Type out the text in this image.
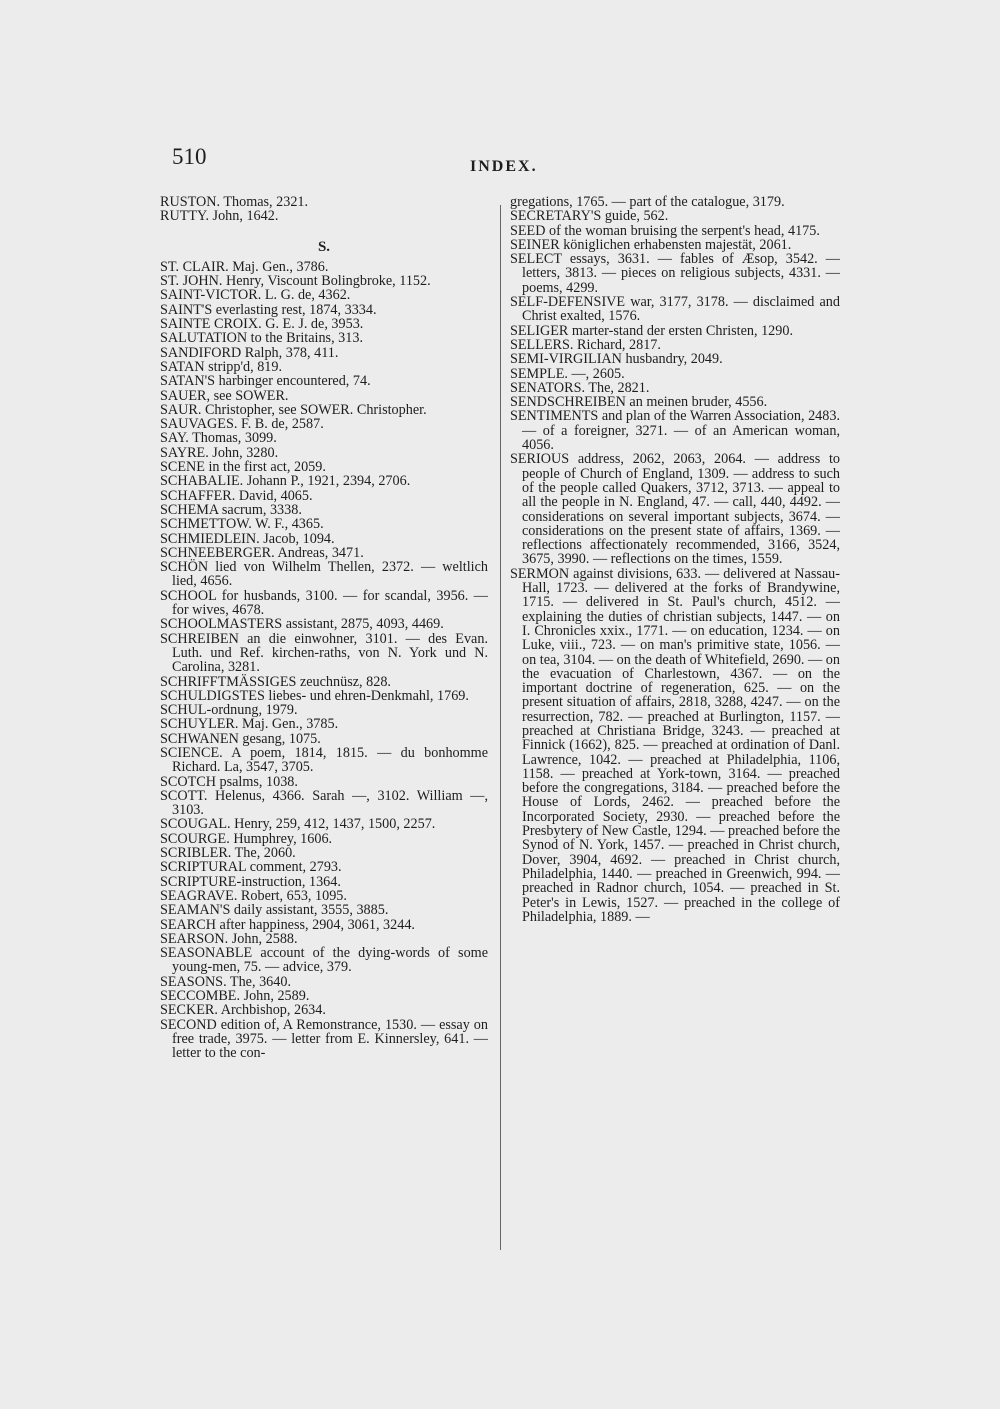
510	INDEX.

RUSTON. Thomas, 2321.

RUTTY. John, 1642.

S.

ST. CLAIR. Maj. Gen., 3786.

ST. JOHN. Henry, Viscount Bolingbroke, 1152.

SAINT-VICTOR. L. G. de, 4362.

SAINT'S everlasting rest, 1874, 3334.

SAINTE CROIX. G. E. J. de, 3953.

SALUTATION to the Britains, 313.

SANDIFORD Ralph, 378, 411.

SATAN stripp'd, 819.

SATAN'S harbinger encountered, 74.

SAUER, see SOWER.

SAUR. Christopher, see SOWER. Christopher.

SAUVAGES. F. B. de, 2587.

SAY. Thomas, 3099.

SAYRE. John, 3280.

SCENE in the first act, 2059.

SCHABALIE. Johann P., 1921, 2394, 2706.

SCHAFFER. David, 4065.

SCHEMA sacrum, 3338.

SCHMETTOW. W. F., 4365.

SCHMIEDLEIN. Jacob, 1094.

SCHNEEBERGER. Andreas, 3471.

SCHÖN lied von Wilhelm Thellen, 2372. — weltlich lied, 4656.

SCHOOL for husbands, 3100. — for scandal, 3956. — for wives, 4678.

SCHOOLMASTERS assistant, 2875, 4093, 4469.

SCHREIBEN an die einwohner, 3101. — des Evan. Luth. und Ref. kirchen-raths, von N. York und N. Carolina, 3281.

SCHRIFFTMÄSSIGES zeuchnüsz, 828.

SCHULDIGSTES liebes- und ehren-Denkmahl, 1769.

SCHUL-ordnung, 1979.

SCHUYLER. Maj. Gen., 3785.

SCHWANEN gesang, 1075.

SCIENCE. A poem, 1814, 1815. — du bonhomme Richard. La, 3547, 3705.

SCOTCH psalms, 1038.

SCOTT. Helenus, 4366. Sarah —, 3102. William —, 3103.

SCOUGAL. Henry, 259, 412, 1437, 1500, 2257.

SCOURGE. Humphrey, 1606.

SCRIBLER. The, 2060.

SCRIPTURAL comment, 2793.

SCRIPTURE-instruction, 1364.

SEAGRAVE. Robert, 653, 1095.

SEAMAN'S daily assistant, 3555, 3885.

SEARCH after happiness, 2904, 3061, 3244.

SEARSON. John, 2588.

SEASONABLE account of the dying-words of some young-men, 75. — advice, 379.

SEASONS. The, 3640.

SECCOMBE. John, 2589.

SECKER. Archbishop, 2634.

SECOND edition of, A Remonstrance, 1530. — essay on free trade, 3975. — letter from E. Kinnersley, 641. — letter to the con-

gregations, 1765. — part of the catalogue, 3179.

SECRETARY'S guide, 562.

SEED of the woman bruising the serpent's head, 4175.

SEINER königlichen erhabensten majestät, 2061.

SELECT essays, 3631. — fables of Æsop, 3542. — letters, 3813. — pieces on religious subjects, 4331. — poems, 4299.

SELF-DEFENSIVE war, 3177, 3178. — disclaimed and Christ exalted, 1576.

SELIGER marter-stand der ersten Christen, 1290.

SELLERS. Richard, 2817.

SEMI-VIRGILIAN husbandry, 2049.

SEMPLE. —, 2605.

SENATORS. The, 2821.

SENDSCHREIBEN an meinen bruder, 4556.

SENTIMENTS and plan of the Warren Association, 2483. — of a foreigner, 3271. — of an American woman, 4056.

SERIOUS address, 2062, 2063, 2064. — address to people of Church of England, 1309. — address to such of the people called Quakers, 3712, 3713. — appeal to all the people in N. England, 47. — call, 440, 4492. — considerations on several important subjects, 3674. — considerations on the present state of affairs, 1369. — reflections affectionately recommended, 3166, 3524, 3675, 3990. — reflections on the times, 1559.

SERMON against divisions, 633. — delivered at Nassau-Hall, 1723. — delivered at the forks of Brandywine, 1715. — delivered in St. Paul's church, 4512. — explaining the duties of christian subjects, 1447. — on I. Chronicles xxix., 1771. — on education, 1234. — on Luke, viii., 723. — on man's primitive state, 1056. — on tea, 3104. — on the death of Whitefield, 2690. — on the evacuation of Charlestown, 4367. — on the important doctrine of regeneration, 625. — on the present situation of affairs, 2818, 3288, 4247. — on the resurrection, 782. — preached at Burlington, 1157. — preached at Christiana Bridge, 3243. — preached at Finnick (1662), 825. — preached at ordination of Danl. Lawrence, 1042. — preached at Philadelphia, 1106, 1158. — preached at York-town, 3164. — preached before the congregations, 3184. — preached before the House of Lords, 2462. — preached before the Incorporated Society, 2930. — preached before the Presbytery of New Castle, 1294. — preached before the Synod of N. York, 1457. — preached in Christ church, Dover, 3904, 4692. — preached in Christ church, Philadelphia, 1440. — preached in Greenwich, 994. — preached in Radnor church, 1054. — preached in St. Peter's in Lewis, 1527. — preached in the college of Philadelphia, 1889. —
